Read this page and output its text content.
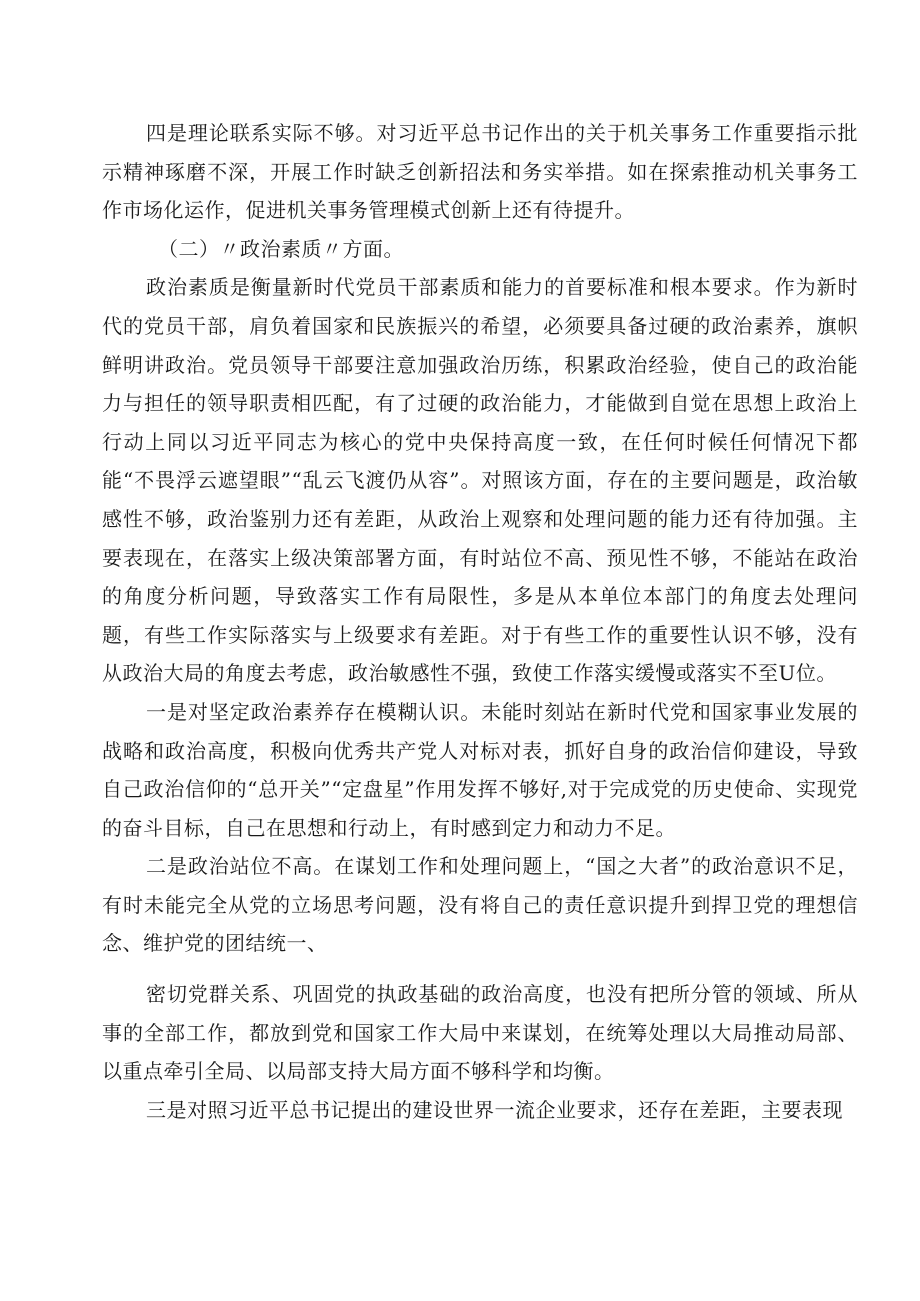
四是理论联系实际不够。对习近平总书记作出的关于机关事务工作重要指示批示精神琢磨不深，开展工作时缺乏创新招法和务实举措。如在探索推动机关事务工作市场化运作，促进机关事务管理模式创新上还有待提升。

（二）〃政治素质〃方面。

政治素质是衡量新时代党员干部素质和能力的首要标准和根本要求。作为新时代的党员干部，肩负着国家和民族振兴的希望，必须要具备过硬的政治素养，旗帜鲜明讲政治。党员领导干部要注意加强政治历练，积累政治经验，使自己的政治能力与担任的领导职责相匹配，有了过硬的政治能力，才能做到自觉在思想上政治上行动上同以习近平同志为核心的党中央保持高度一致，在任何时候任何情况下都能“不畏浮云遮望眼”“乱云飞渡仍从容”。对照该方面，存在的主要问题是，政治敏感性不够，政治鉴别力还有差距，从政治上观察和处理问题的能力还有待加强。主要表现在，在落实上级决策部署方面，有时站位不高、预见性不够，不能站在政治的角度分析问题，导致落实工作有局限性，多是从本单位本部门的角度去处理问题，有些工作实际落实与上级要求有差距。对于有些工作的重要性认识不够，没有从政治大局的角度去考虑，政治敏感性不强，致使工作落实缓慢或落实不至U位。

一是对坚定政治素养存在模糊认识。未能时刻站在新时代党和国家事业发展的战略和政治高度，积极向优秀共产党人对标对表，抓好自身的政治信仰建设，导致自己政治信仰的“总开关”“定盘星”作用发挥不够好,对于完成党的历史使命、实现党的奋斗目标，自己在思想和行动上，有时感到定力和动力不足。

二是政治站位不高。在谋划工作和处理问题上，“国之大者”的政治意识不足，有时未能完全从党的立场思考问题，没有将自己的责任意识提升到捍卫党的理想信念、维护党的团结统一、

密切党群关系、巩固党的执政基础的政治高度，也没有把所分管的领域、所从事的全部工作，都放到党和国家工作大局中来谋划，在统筹处理以大局推动局部、以重点牵引全局、以局部支持大局方面不够科学和均衡。

三是对照习近平总书记提出的建设世界一流企业要求，还存在差距，主要表现
